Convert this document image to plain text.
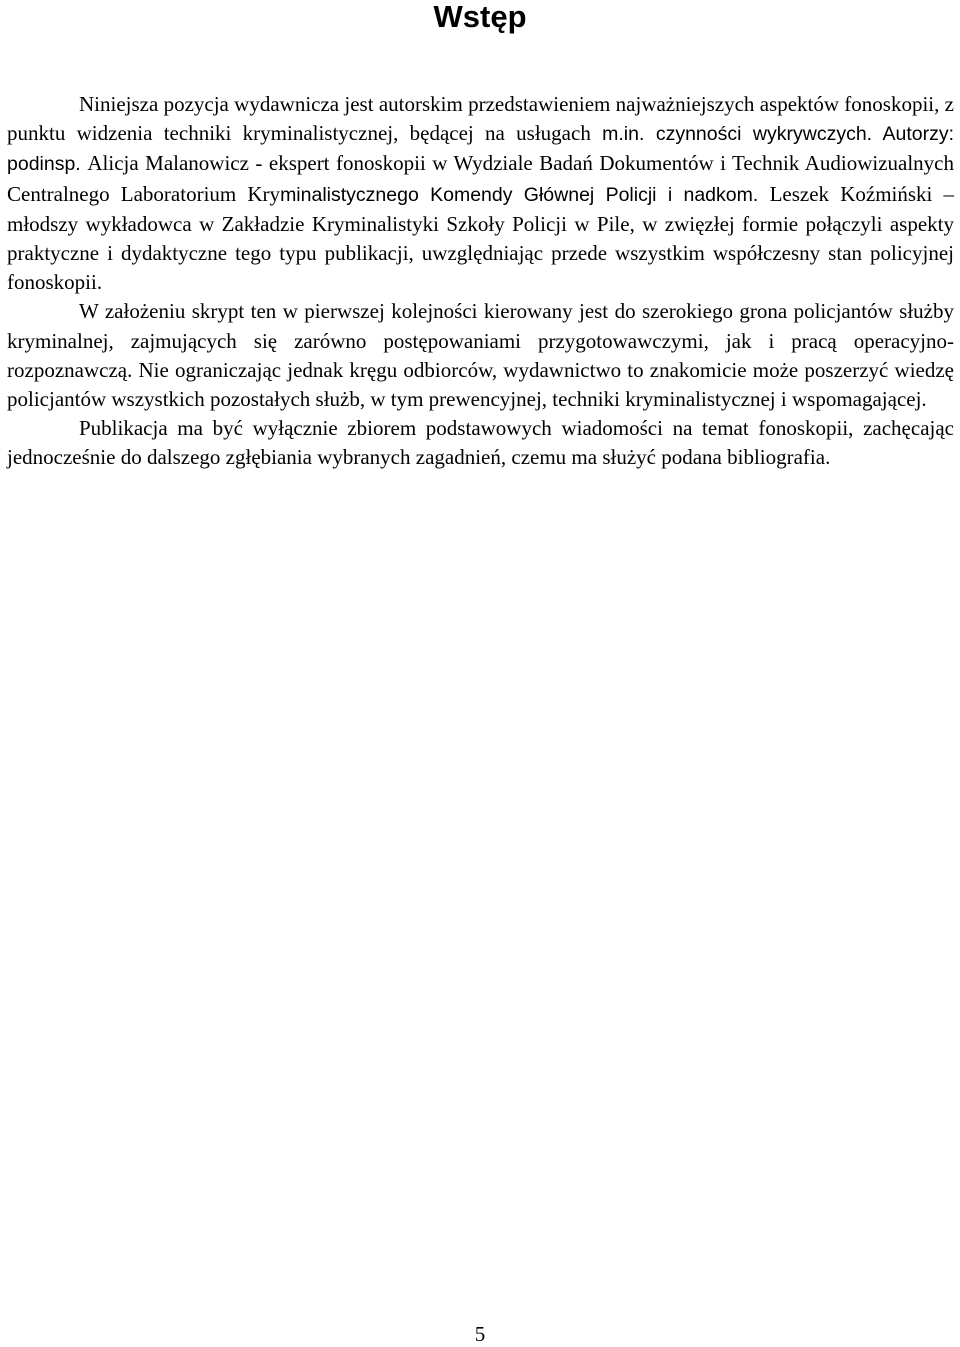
Wstęp

Niniejsza pozycja wydawnicza jest autorskim przedstawieniem najważniejszych aspektów fonoskopii, z punktu widzenia techniki kryminalistycznej, będącej na usługach m.in. czynności wykrywczych. Autorzy: podinsp. Alicja Malanowicz - ekspert fonoskopii w Wydziale Badań Dokumentów i Technik Audiowizualnych Centralnego Laboratorium Kryminalistycznego Komendy Głównej Policji i nadkom. Leszek Koźmiński – młodszy wykładowca w Zakładzie Kryminalistyki Szkoły Policji w Pile, w zwięzłej formie połączyli aspekty praktyczne i dydaktyczne tego typu publikacji, uwzględniając przede wszystkim współczesny stan policyjnej fonoskopii.

W założeniu skrypt ten w pierwszej kolejności kierowany jest do szerokiego grona policjantów służby kryminalnej, zajmujących się zarówno postępowaniami przygotowawczymi, jak i pracą operacyjno-rozpoznawczą. Nie ograniczając jednak kręgu odbiorców, wydawnictwo to znakomicie może poszerzyć wiedzę policjantów wszystkich pozostałych służb, w tym prewencyjnej, techniki kryminalistycznej i wspomagającej.

Publikacja ma być wyłącznie zbiorem podstawowych wiadomości na temat fonoskopii, zachęcając jednocześnie do dalszego zgłębiania wybranych zagadnień, czemu ma służyć podana bibliografia.

5
